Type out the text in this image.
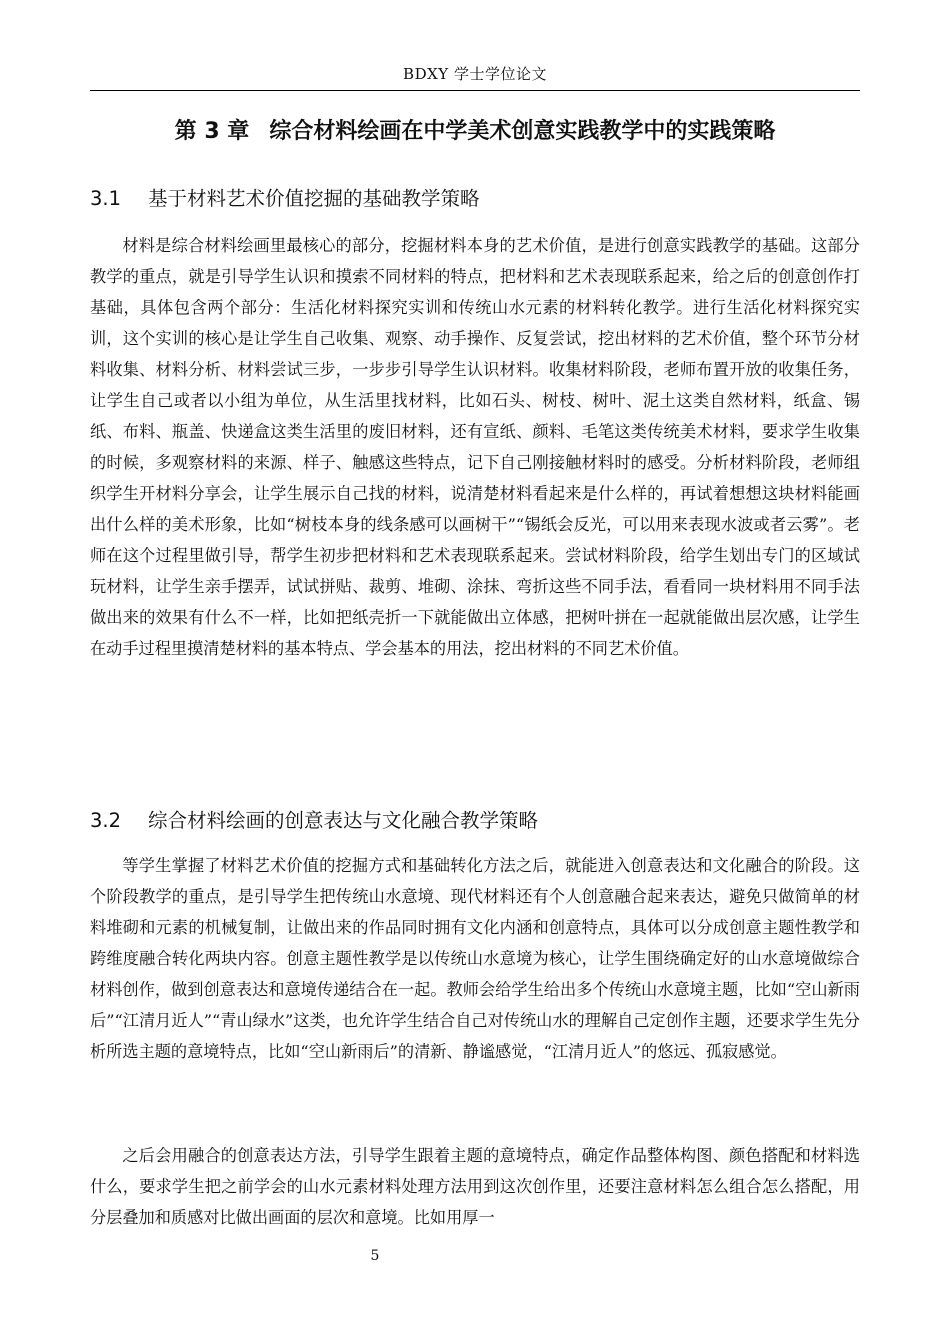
BDXY 学士学位论文
第 3 章 综合材料绘画在中学美术创意实践教学中的实践策略
3.1 基于材料艺术价值挖掘的基础教学策略

材料是综合材料绘画里最核心的部分，挖掘材料本身的艺术价值，是进行创意实践教学的基础。这部分教学的重点，就是引导学生认识和摸索不同材料的特点，把材料和艺术表现联系起来，给之后的创意创作打基础，具体包含两个部分：生活化材料探究实训和传统山水元素的材料转化教学。进行生活化材料探究实训，这个实训的核心是让学生自己收集、观察、动手操作、反复尝试，挖出材料的艺术价值，整个环节分材料收集、材料分析、材料尝试三步，一步步引导学生认识材料。收集材料阶段，老师布置开放的收集任务，让学生自己或者以小组为单位，从生活里找材料，比如石头、树枝、树叶、泥土这类自然材料，纸盒、锡纸、布料、瓶盖、快递盒这类生活里的废旧材料，还有宣纸、颜料、毛笔这类传统美术材料，要求学生收集的时候，多观察材料的来源、样子、触感这些特点，记下自己刚接触材料时的感受。分析材料阶段，老师组织学生开材料分享会，让学生展示自己找的材料，说清楚材料看起来是什么样的，再试着想想这块材料能画出什么样的美术形象，比如“树枝本身的线条感可以画树干”“锡纸会反光，可以用来表现水波或者云雾”。老师在这个过程里做引导，帮学生初步把材料和艺术表现联系起来。尝试材料阶段，给学生划出专门的区域试玩材料，让学生亲手摆弄，试试拼贴、裁剪、堆砌、涂抹、弯折这些不同手法，看看同一块材料用不同手法做出来的效果有什么不一样，比如把纸壳折一下就能做出立体感，把树叶拼在一起就能做出层次感，让学生在动手过程里摸清楚材料的基本特点、学会基本的用法，挖出材料的不同艺术价值。

3.2 综合材料绘画的创意表达与文化融合教学策略

等学生掌握了材料艺术价值的挖掘方式和基础转化方法之后，就能进入创意表达和文化融合的阶段。这个阶段教学的重点，是引导学生把传统山水意境、现代材料还有个人创意融合起来表达，避免只做简单的材料堆砌和元素的机械复制，让做出来的作品同时拥有文化内涵和创意特点，具体可以分成创意主题性教学和跨维度融合转化两块内容。创意主题性教学是以传统山水意境为核心，让学生围绕确定好的山水意境做综合材料创作，做到创意表达和意境传递结合在一起。教师会给学生给出多个传统山水意境主题，比如“空山新雨后”“江清月近人”“青山绿水”这类，也允许学生结合自己对传统山水的理解自己定创作主题，还要求学生先分析所选主题的意境特点，比如“空山新雨后”的清新、静谧感觉，“江清月近人”的悠远、孤寂感觉。

之后会用融合的创意表达方法，引导学生跟着主题的意境特点，确定作品整体构图、颜色搭配和材料选什么，要求学生把之前学会的山水元素材料处理方法用到这次创作里，还要注意材料怎么组合怎么搭配，用分层叠加和质感对比做出画面的层次和意境。比如用厚一

5
